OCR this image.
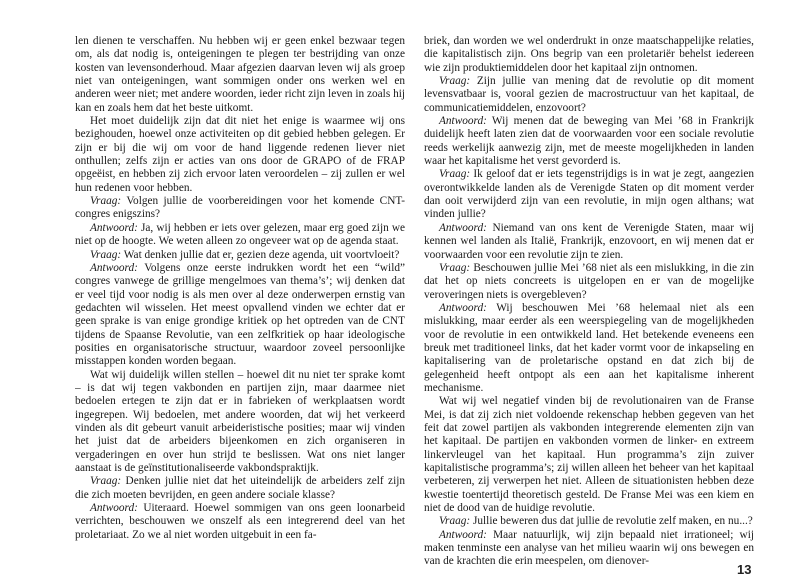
len dienen te verschaffen. Nu hebben wij er geen enkel bezwaar tegen om, als dat nodig is, onteigeningen te plegen ter bestrijding van onze kosten van levensonderhoud. Maar afgezien daarvan leven wij als groep niet van onteigeningen, want sommigen onder ons werken wel en anderen weer niet; met andere woorden, ieder richt zijn leven in zoals hij kan en zoals hem dat het beste uitkomt.

Het moet duidelijk zijn dat dit niet het enige is waarmee wij ons bezighouden, hoewel onze activiteiten op dit gebied hebben gelegen. Er zijn er bij die wij om voor de hand liggende redenen liever niet onthullen; zelfs zijn er acties van ons door de GRAPO of de FRAP opgeëist, en hebben zij zich ervoor laten veroordelen – zij zullen er wel hun redenen voor hebben.

Vraag: Volgen jullie de voorbereidingen voor het komende CNT-congres enigszins?

Antwoord: Ja, wij hebben er iets over gelezen, maar erg goed zijn we niet op de hoogte. We weten alleen zo ongeveer wat op de agenda staat.

Vraag: Wat denken jullie dat er, gezien deze agenda, uit voortvloeit?

Antwoord: Volgens onze eerste indrukken wordt het een “wild” congres vanwege de grillige mengelmoes van thema’s’; wij denken dat er veel tijd voor nodig is als men over al deze onderwerpen ernstig van gedachten wil wisselen. Het meest opvallend vinden we echter dat er geen sprake is van enige grondige kritiek op het optreden van de CNT tijdens de Spaanse Revolutie, van een zelfkritiek op haar ideologische posities en organisatorische structuur, waardoor zoveel persoonlijke misstappen konden worden begaan.

Wat wij duidelijk willen stellen – hoewel dit nu niet ter sprake komt – is dat wij tegen vakbonden en partijen zijn, maar daarmee niet bedoelen ertegen te zijn dat er in fabrieken of werkplaatsen wordt ingegrepen. Wij bedoelen, met andere woorden, dat wij het verkeerd vinden als dit gebeurt vanuit arbeideristische posities; maar wij vinden het juist dat de arbeiders bijeenkomen en zich organiseren in vergaderingen en over hun strijd te beslissen. Wat ons niet langer aanstaat is de geïnstitutionaliseerde vakbondspraktijk.

Vraag: Denken jullie niet dat het uiteindelijk de arbeiders zelf zijn die zich moeten bevrijden, en geen andere sociale klasse?

Antwoord: Uiteraard. Hoewel sommigen van ons geen loonarbeid verrichten, beschouwen we onszelf als een integrerend deel van het proletariaat. Zo we al niet worden uitgebuit in een fa-

briek, dan worden we wel onderdrukt in onze maatschappelijke relaties, die kapitalistisch zijn. Ons begrip van een proletariër behelst iedereen wie zijn produktiemiddelen door het kapitaal zijn ontnomen.

Vraag: Zijn jullie van mening dat de revolutie op dit moment levensvatbaar is, vooral gezien de macrostructuur van het kapitaal, de communicatiemiddelen, enzovoort?

Antwoord: Wij menen dat de beweging van Mei ’68 in Frankrijk duidelijk heeft laten zien dat de voorwaarden voor een sociale revolutie reeds werkelijk aanwezig zijn, met de meeste mogelijkheden in landen waar het kapitalisme het verst gevorderd is.

Vraag: Ik geloof dat er iets tegenstrijdigs is in wat je zegt, aangezien overontwikkelde landen als de Verenigde Staten op dit moment verder dan ooit verwijderd zijn van een revolutie, in mijn ogen althans; wat vinden jullie?

Antwoord: Niemand van ons kent de Verenigde Staten, maar wij kennen wel landen als Italië, Frankrijk, enzovoort, en wij menen dat er voorwaarden voor een revolutie zijn te zien.

Vraag: Beschouwen jullie Mei ’68 niet als een mislukking, in die zin dat het op niets concreets is uitgelopen en er van de mogelijke veroveringen niets is overgebleven?

Antwoord: Wij beschouwen Mei ’68 helemaal niet als een mislukking, maar eerder als een weerspiegeling van de mogelijkheden voor de revolutie in een ontwikkeld land. Het betekende eveneens een breuk met traditioneel links, dat het kader vormt voor de inkapseling en kapitalisering van de proletarische opstand en dat zich bij de gelegenheid heeft ontpopt als een aan het kapitalisme inherent mechanisme.

Wat wij wel negatief vinden bij de revolutionairen van de Franse Mei, is dat zij zich niet voldoende rekenschap hebben gegeven van het feit dat zowel partijen als vakbonden integrerende elementen zijn van het kapitaal. De partijen en vakbonden vormen de linker- en extreem linkervleugel van het kapitaal. Hun programma’s zijn zuiver kapitalistische programma’s; zij willen alleen het beheer van het kapitaal verbeteren, zij verwerpen het niet. Alleen de situationisten hebben deze kwestie toentertijd theoretisch gesteld. De Franse Mei was een kiem en niet de dood van de huidige revolutie.

Vraag: Jullie beweren dus dat jullie de revolutie zelf maken, en nu...?

Antwoord: Maar natuurlijk, wij zijn bepaald niet irrationeel; wij maken tenminste een analyse van het milieu waarin wij ons bewegen en van de krachten die erin meespelen, om dienover-

13
